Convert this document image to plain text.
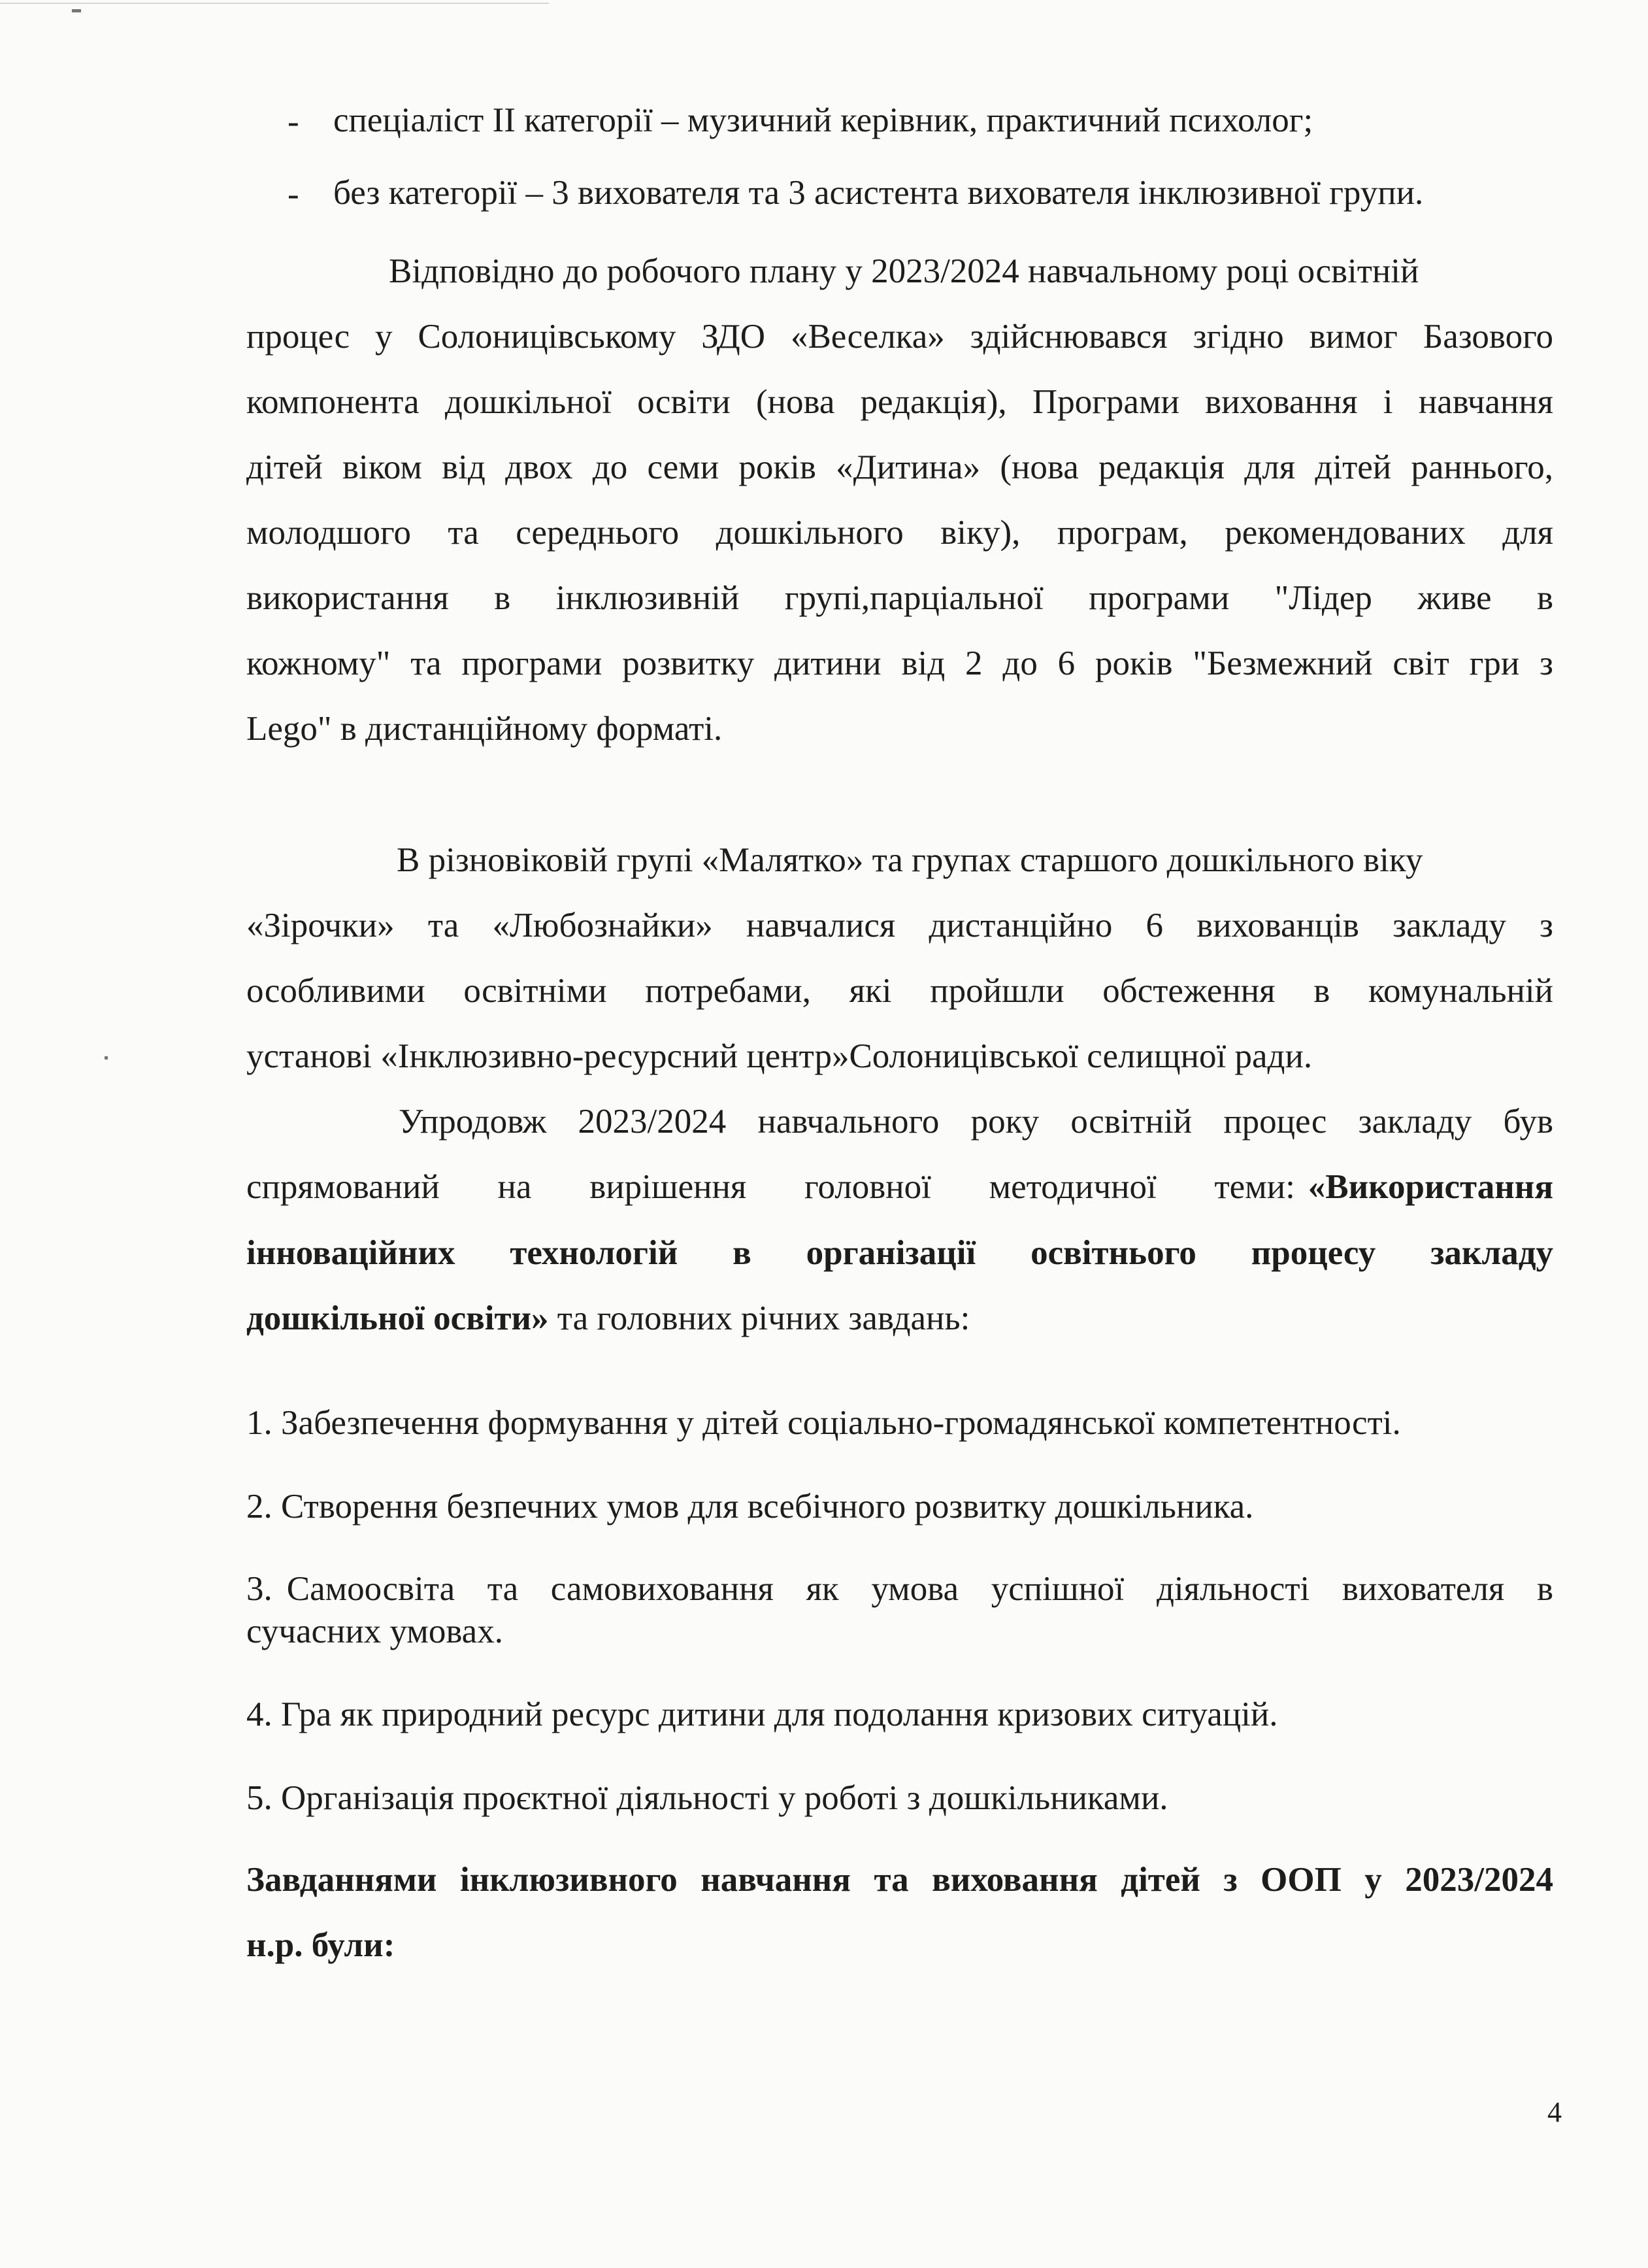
- спеціаліст ІІ категорії – музичний керівник, практичний психолог;
- без категорії – 3 вихователя та 3 асистента вихователя інклюзивної групи.
Відповідно до робочого плану у 2023/2024 навчальному році освітній
процес у Солоницівському ЗДО «Веселка» здійснювався згідно вимог Базового
компонента дошкільної освіти (нова редакція), Програми виховання і навчання
дітей віком від двох до семи років «Дитина» (нова редакція для дітей раннього,
молодшого та середнього дошкільного віку), програм, рекомендованих для
використання в інклюзивній групі,парціальної програми "Лідер живе в
кожному" та програми розвитку дитини від 2 до 6 років "Безмежний світ гри з
Lego" в дистанційному форматі.
В різновіковій групі «Малятко» та групах старшого дошкільного віку
«Зірочки» та «Любознайки» навчалися дистанційно 6 вихованців закладу з
особливими освітніми потребами, які пройшли обстеження в комунальній
установі «Інклюзивно-ресурсний центр»Солоницівської селищної ради.
Упродовж 2023/2024 навчального року освітній процес закладу був
спрямований на вирішення головної методичної теми: «Використання
інноваційних технологій в організації освітнього процесу закладу
дошкільної освіти» та головних річних завдань:
1. Забезпечення формування у дітей соціально-громадянської компетентності.
2. Створення безпечних умов для всебічного розвитку дошкільника.
3. Самоосвіта та самовиховання як умова успішної діяльності вихователя в
сучасних умовах.
4. Гра як природний ресурс дитини для подолання кризових ситуацій.
5. Організація проєктної діяльності у роботі з дошкільниками.
Завданнями інклюзивного навчання та виховання дітей з ООП у 2023/2024
н.р. були:
4
